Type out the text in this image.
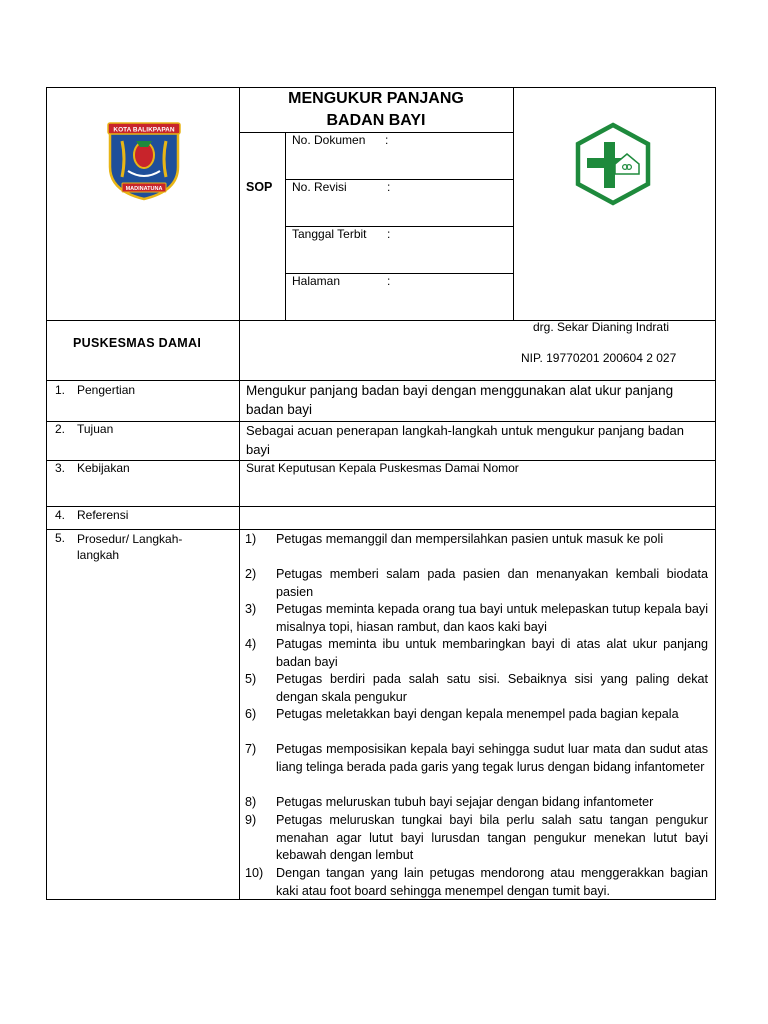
KOTA BALIKPAPAN
MADINATUNA
MENGUKUR PANJANG
BADAN BAYI
SOP
No. Dokumen :
No. Revisi	:
Tanggal Terbit :
Halaman	:
PUSKESMAS DAMAI
drg. Sekar Dianing Indrati
NIP. 19770201 200604 2 027
1. Pengertian	Mengukur panjang badan bayi dengan menggunakan alat ukur panjang badan bayi
2. Tujuan	Sebagai acuan penerapan langkah-langkah untuk mengukur panjang badan bayi
3. Kebijakan	Surat Keputusan Kepala Puskesmas Damai Nomor
4. Referensi
5. Prosedur/ Langkah-langkah
1) Petugas memanggil dan mempersilahkan pasien untuk masuk ke poli
2) Petugas memberi salam pada pasien dan menanyakan kembali biodata pasien
3) Petugas meminta kepada orang tua bayi untuk melepaskan tutup kepala bayi misalnya topi, hiasan rambut, dan kaos kaki bayi
4) Patugas meminta ibu untuk membaringkan bayi di atas alat ukur panjang badan bayi
5) Petugas berdiri pada salah satu sisi. Sebaiknya sisi yang paling dekat dengan skala pengukur
6) Petugas meletakkan bayi dengan kepala menempel pada bagian kepala
7) Petugas memposisikan kepala bayi sehingga sudut luar mata dan sudut atas liang telinga berada pada garis yang tegak lurus dengan bidang infantometer
8) Petugas meluruskan tubuh bayi sejajar dengan bidang infantometer
9) Petugas meluruskan tungkai bayi bila perlu salah satu tangan pengukur menahan agar lutut bayi lurusdan tangan pengukur menekan lutut bayi kebawah dengan lembut
10) Dengan tangan yang lain petugas mendorong atau menggerakkan bagian kaki atau foot board sehingga menempel dengan tumit bayi.
